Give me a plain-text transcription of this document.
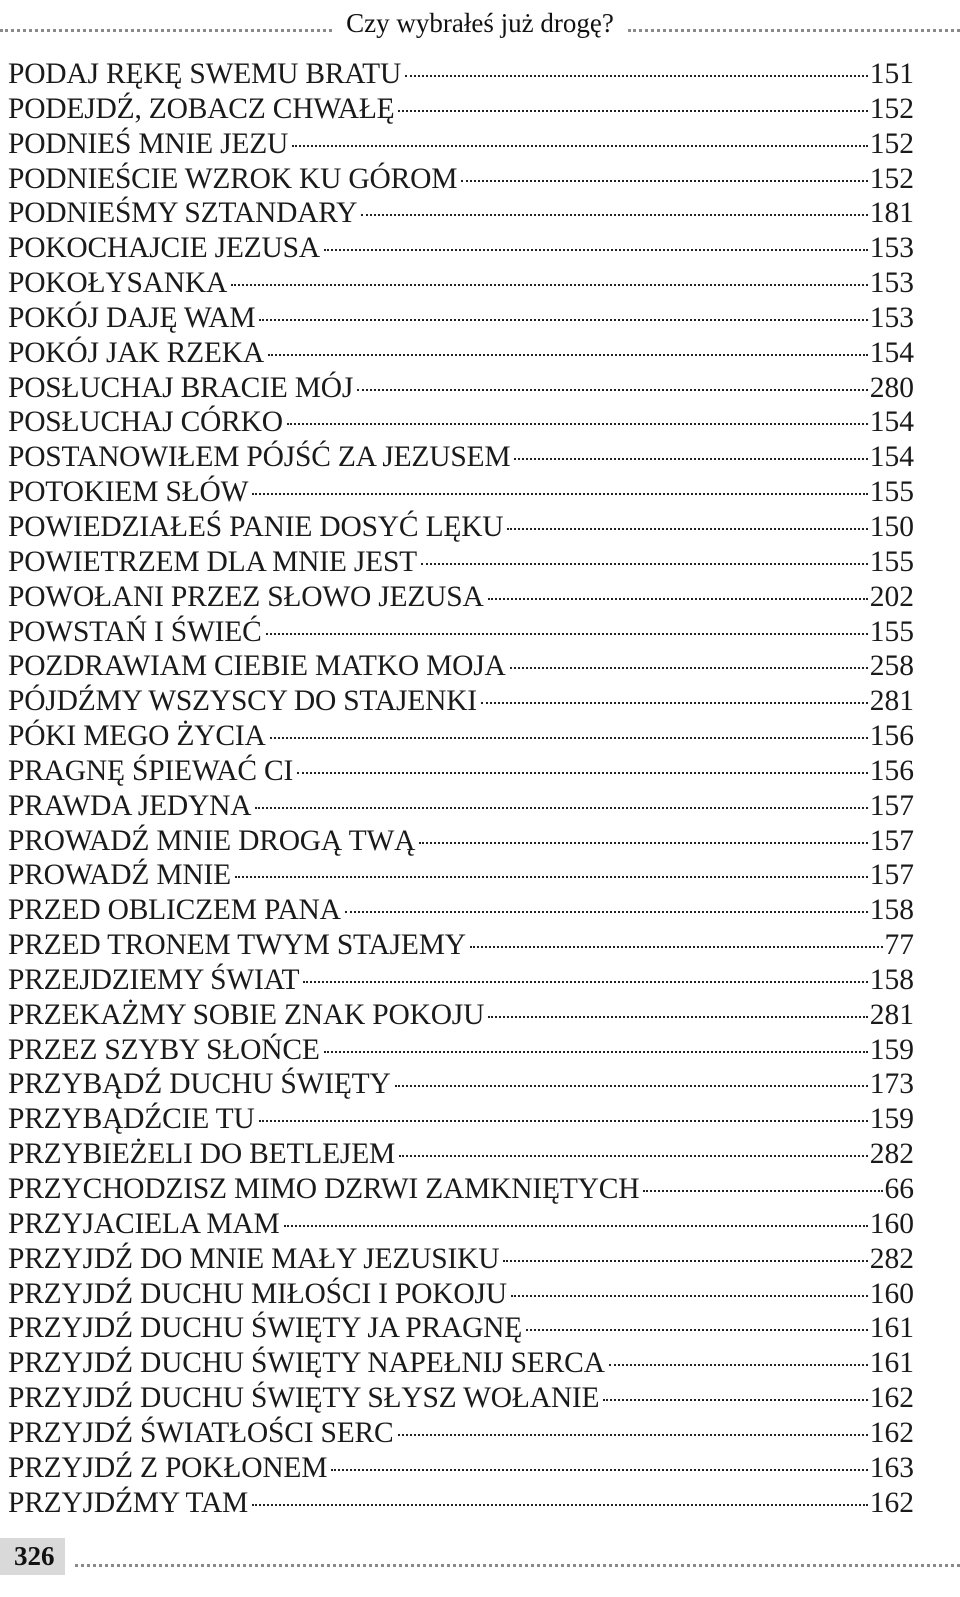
Czy wybrałeś już drogę?
PODAJ RĘKĘ SWEMU BRATU	151
PODEJDŹ, ZOBACZ CHWAŁĘ	152
PODNIEŚ MNIE JEZU	152
PODNIEŚCIE WZROK KU GÓROM	152
PODNIEŚMY SZTANDARY	181
POKOCHAJCIE JEZUSA	153
POKOŁYSANKA	153
POKÓJ DAJĘ WAM	153
POKÓJ JAK RZEKA	154
POSŁUCHAJ BRACIE MÓJ	280
POSŁUCHAJ CÓRKO	154
POSTANOWIŁEM PÓJŚĆ ZA JEZUSEM	154
POTOKIEM SŁÓW	155
POWIEDZIAŁEŚ PANIE DOSYĆ LĘKU	150
POWIETRZEM DLA MNIE JEST	155
POWOŁANI PRZEZ SŁOWO JEZUSA	202
POWSTAŃ I ŚWIEĆ	155
POZDRAWIAM CIEBIE MATKO MOJA	258
PÓJDŹMY WSZYSCY DO STAJENKI	281
PÓKI MEGO ŻYCIA	156
PRAGNĘ ŚPIEWAĆ CI	156
PRAWDA JEDYNA	157
PROWADŹ MNIE DROGĄ TWĄ	157
PROWADŹ MNIE	157
PRZED OBLICZEM PANA	158
PRZED TRONEM TWYM STAJEMY	77
PRZEJDZIEMY ŚWIAT	158
PRZEKAŻMY SOBIE ZNAK POKOJU	281
PRZEZ SZYBY SŁOŃCE	159
PRZYBĄDŹ DUCHU ŚWIĘTY	173
PRZYBĄDŹCIE TU	159
PRZYBIEŻELI DO BETLEJEM	282
PRZYCHODZISZ MIMO DZRWI ZAMKNIĘTYCH	66
PRZYJACIELA MAM	160
PRZYJDŹ DO MNIE MAŁY JEZUSIKU	282
PRZYJDŹ DUCHU MIŁOŚCI I POKOJU	160
PRZYJDŹ DUCHU ŚWIĘTY JA PRAGNĘ	161
PRZYJDŹ DUCHU ŚWIĘTY NAPEŁNIJ SERCA	161
PRZYJDŹ DUCHU ŚWIĘTY SŁYSZ WOŁANIE	162
PRZYJDŹ ŚWIATŁOŚCI SERC	162
PRZYJDŹ Z POKŁONEM	163
PRZYJDŹMY TAM	162
326
